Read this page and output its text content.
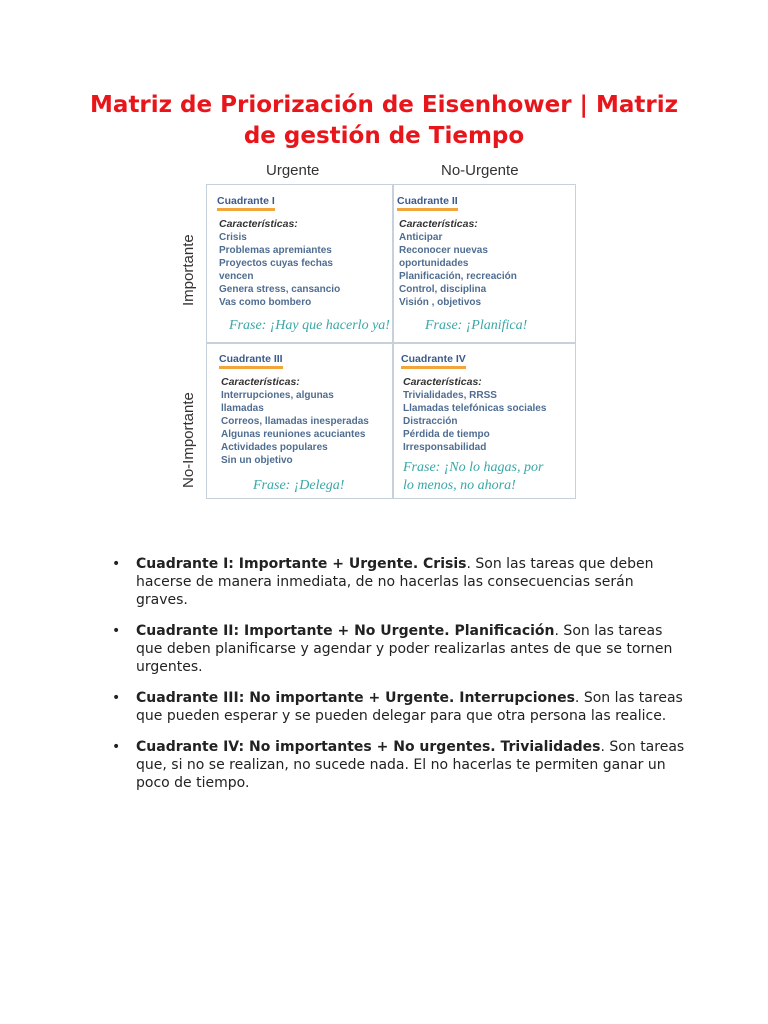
Matriz de Priorización de Eisenhower | Matriz de gestión de Tiempo
Urgente	No-Urgente
Importante
No-Importante
Cuadrante I
Características:
Crisis
Problemas apremiantes
Proyectos cuyas fechas
vencen
Genera stress, cansancio
Vas como bombero
Frase: ¡Hay que hacerlo ya!
Cuadrante II
Características:
Anticipar
Reconocer nuevas
oportunidades
Planificación, recreación
Control, disciplina
Visión , objetivos
Frase: ¡Planifica!
Cuadrante III
Características:
Interrupciones, algunas
llamadas
Correos, llamadas inesperadas
Algunas reuniones acuciantes
Actividades populares
Sin un objetivo
Frase: ¡Delega!
Cuadrante IV
Características:
Trivialidades, RRSS
Llamadas telefónicas sociales
Distracción
Pérdida de tiempo
Irresponsabilidad
Frase: ¡No lo hagas, por
lo menos, no ahora!
• Cuadrante I: Importante + Urgente. Crisis. Son las tareas que deben hacerse de manera inmediata, de no hacerlas las consecuencias serán graves.
• Cuadrante II: Importante + No Urgente. Planificación. Son las tareas que deben planificarse y agendar y poder realizarlas antes de que se tornen urgentes.
• Cuadrante III: No importante + Urgente. Interrupciones. Son las tareas que pueden esperar y se pueden delegar para que otra persona las realice.
• Cuadrante IV: No importantes + No urgentes. Trivialidades. Son tareas que, si no se realizan, no sucede nada. El no hacerlas te permiten ganar un poco de tiempo.
